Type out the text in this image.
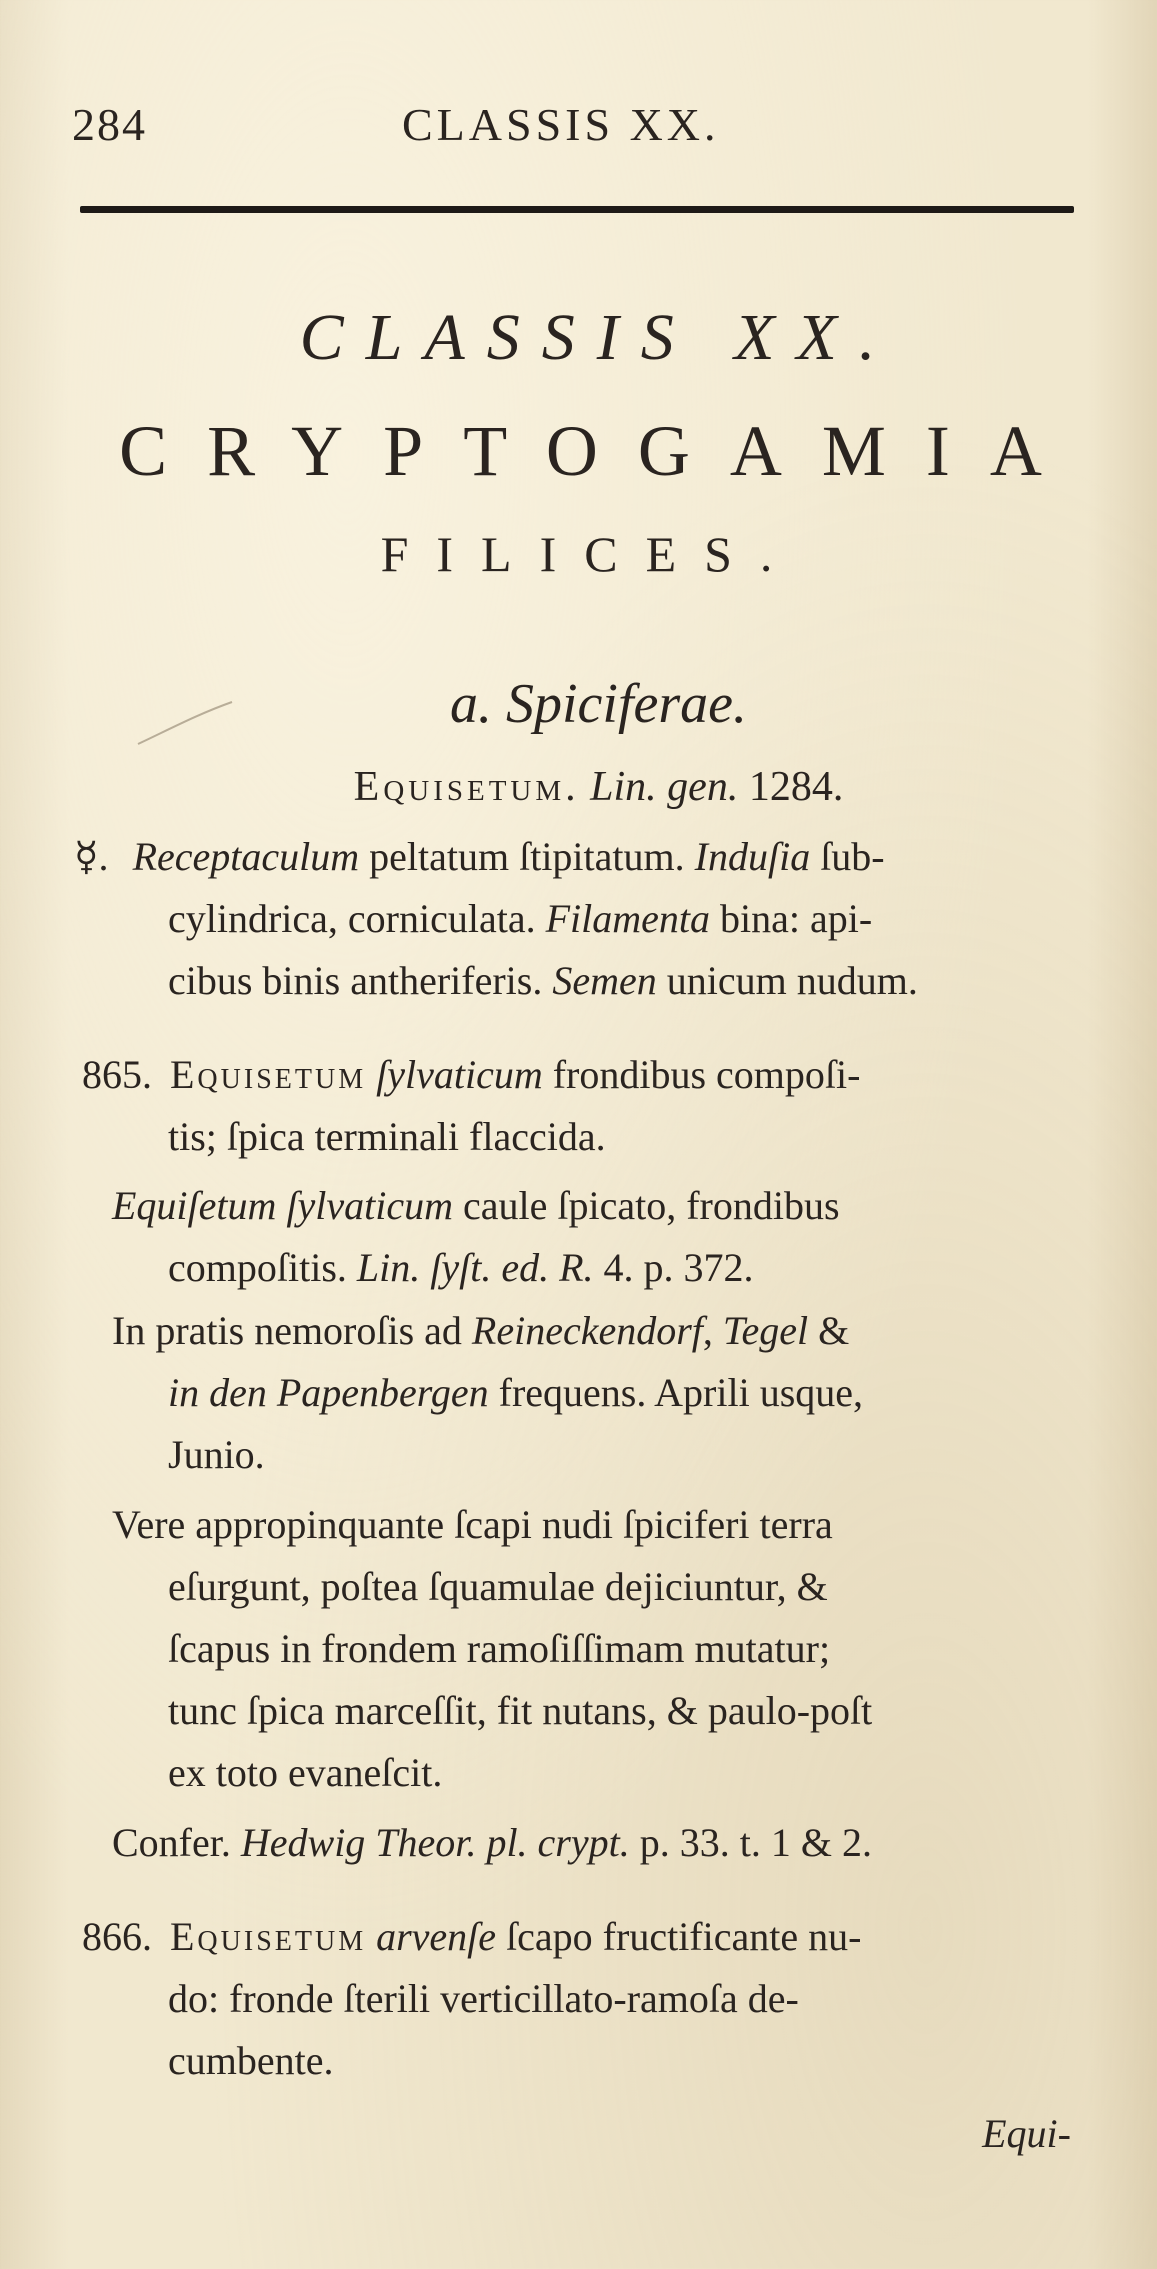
284	CLASSIS XX.
CLASSIS XX.
CRYPTOGAMIA
FILICES.
a. Spiciferae.
Equisetum. Lin. gen. 1284.
☿. Receptaculum peltatum ſtipitatum. Induſia ſub-
cylindrica, corniculata. Filamenta bina: api-
cibus binis antheriferis. Semen unicum nudum.
865. Equisetum ſylvaticum frondibus compoſi-
tis; ſpica terminali flaccida.
Equiſetum ſylvaticum caule ſpicato, frondibus
compoſitis. Lin. ſyſt. ed. R. 4. p. 372.
In pratis nemoroſis ad Reineckendorf, Tegel &
in den Papenbergen frequens. Aprili usque,
Junio.
Vere appropinquante ſcapi nudi ſpiciferi terra
eſurgunt, poſtea ſquamulae dejiciuntur, &
ſcapus in frondem ramoſiſſimam mutatur;
tunc ſpica marceſſit, fit nutans, & paulo-poſt
ex toto evaneſcit.
Confer. Hedwig Theor. pl. crypt. p. 33. t. 1 & 2.
866. Equisetum arvenſe ſcapo fructificante nu-
do: fronde ſterili verticillato-ramoſa de-
cumbente.
Equi-
